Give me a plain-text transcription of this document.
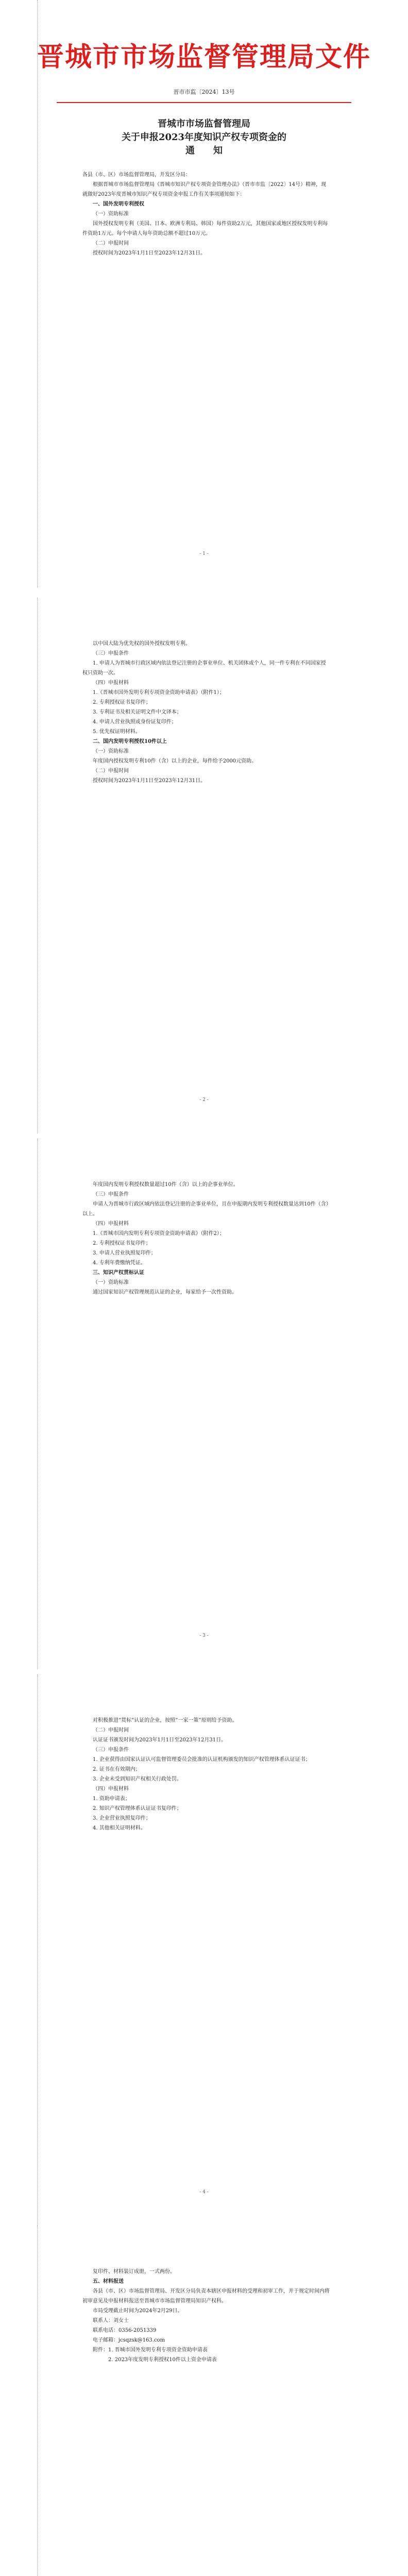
晋城市市场监督管理局文件
晋市市监〔2024〕13号
晋城市市场监督管理局
关于申报2023年度知识产权专项资金的
通　　知

各县（市、区）市场监督管理局，开发区分局：

根据晋城市市场监督管理局《晋城市知识产权专项资金管理办法》（晋市市监〔2022〕14号）精神，现就做好2023年度晋城市知识产权专项资金申报工作有关事项通知如下：

一、国外发明专利授权

（一）资助标准

国外授权发明专利（美国、日本、欧洲专利局、韩国）每件资助2万元，其他国家或地区授权发明专利每件资助1万元。每个申请人每年资助总额不超过10万元。

（二）申报时间

授权时间为2023年1月1日至2023年12月31日。

- 1 -

以中国大陆为优先权的国外授权发明专利。

（三）申报条件

1. 申请人为晋城市行政区域内依法登记注册的企事业单位、机关团体或个人，同一件专利在不同国家授权只资助一次。

（四）申报材料

1.《晋城市国外发明专利专项资金资助申请表》（附件1）；

2. 专利授权证书复印件；

3. 专利证书及相关证明文件中文译本；

4. 申请人营业执照或身份证复印件；

5. 优先权证明材料。

二、国内发明专利授权10件以上

（一）资助标准

年度国内授权发明专利10件（含）以上的企业，每件给予2000元资助。

（二）申报时间

授权时间为2023年1月1日至2023年12月31日。

- 2 -

年度国内发明专利授权数量超过10件（含）以上的企事业单位。

（三）申报条件

申请人为晋城市行政区域内依法登记注册的企事业单位，且在申报期内发明专利授权数量达到10件（含）以上。

（四）申报材料

1.《晋城市国内发明专利专项资金资助申请表》（附件2）；

2. 专利授权证书复印件；

3. 申请人营业执照复印件；

4. 专利年费缴纳凭证。

三、知识产权贯标认证

（一）资助标准

通过国家知识产权管理规范认证的企业，每家给予一次性资助。

- 3 -

对积极推进“贯标”认证的企业，按照“一家一策”原则给予资助。

（二）申报时间

认证证书颁发时间为2023年1月1日至2023年12月31日。

（三）申报条件

1. 企业获得由国家认证认可监督管理委员会批准的认证机构颁发的知识产权管理体系认证证书；

2. 证书在有效期内；

3. 企业未受到知识产权相关行政处罚。

（四）申报材料

1. 资助申请表；

2. 知识产权管理体系认证证书复印件；

3. 企业营业执照复印件；

4. 其他相关证明材料。

- 4 -

复印件、材料装订成册，一式两份。

五、材料报送

各县（市、区）市场监督管理局、开发区分局负责本辖区申报材料的受理和初审工作，并于规定时间内将初审意见及申报材料报送至晋城市市场监督管理局知识产权科。

市局受理截止时间为2024年2月29日。

联系人：刘女士

联系电话：0356-2051339

电子邮箱：jcsqzsk@163.com

附件：1. 晋城市国外发明专利专项资金资助申请表

　　　2. 2023年度发明专利授权10件以上资金申请表
